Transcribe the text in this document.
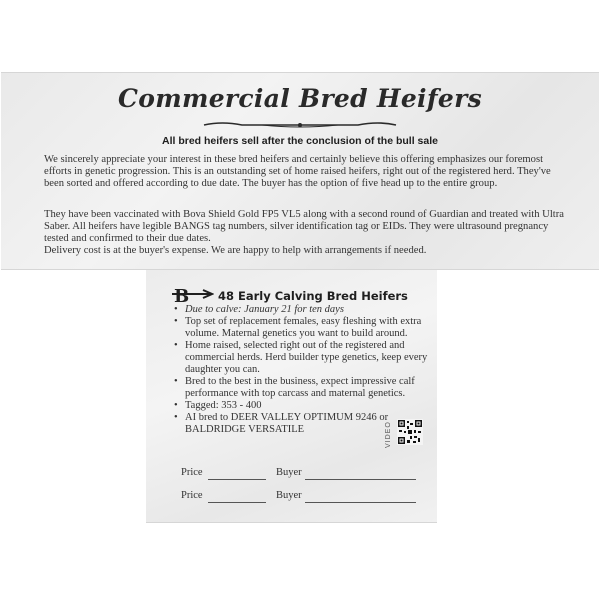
Commercial Bred Heifers
All bred heifers sell after the conclusion of the bull sale

We sincerely appreciate your interest in these bred heifers and certainly believe this offering emphasizes our foremost efforts in genetic progression. This is an outstanding set of home raised heifers, right out of the registered herd. They've been sorted and offered according to due date. The buyer has the option of five head up to the entire group.

They have been vaccinated with Bova Shield Gold FP5 VL5 along with a second round of Guardian and treated with Ultra Saber. All heifers have legible BANGS tag numbers, silver identification tag or EIDs. They were ultrasound pregnancy tested and confirmed to their due dates.

Delivery cost is at the buyer's expense. We are happy to help with arrangements if needed.

B	48 Early Calving Bred Heifers
• Due to calve: January 21 for ten days
• Top set of replacement females, easy fleshing with extra volume. Maternal genetics you want to build around.
• Home raised, selected right out of the registered and commercial herds. Herd builder type genetics, keep every daughter you can.
• Bred to the best in the business, expect impressive calf performance with top carcass and maternal genetics.
• Tagged: 353 - 400
• AI bred to DEER VALLEY OPTIMUM 9246 or BALDRIDGE VERSATILE	VIDEO
Price	Buyer
Price	Buyer
